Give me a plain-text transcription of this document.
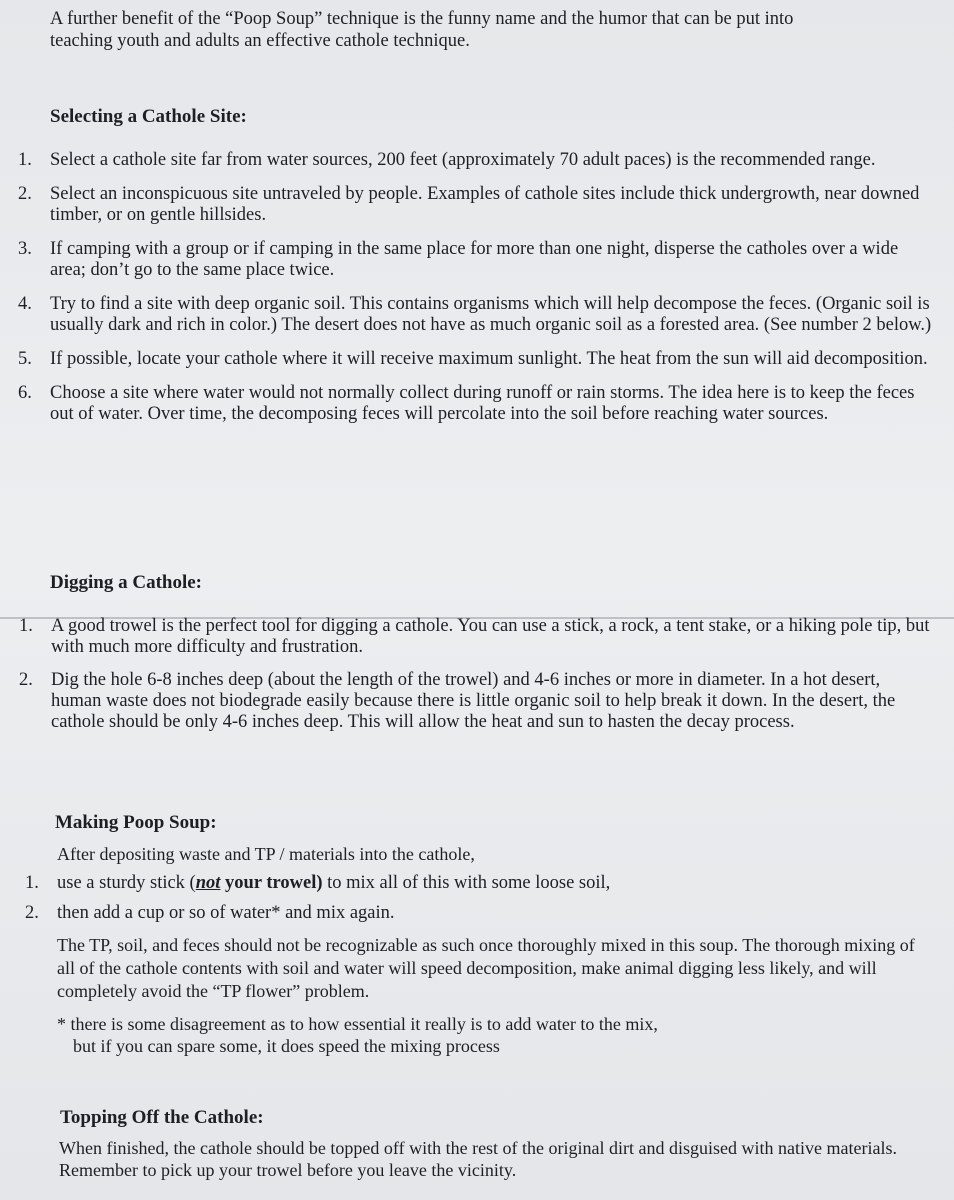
A further benefit of the “Poop Soup” technique is the funny name and the humor that can be put into
teaching youth and adults an effective cathole technique.
Selecting a Cathole Site:
1. Select a cathole site far from water sources, 200 feet (approximately 70 adult paces) is the recommended range.
2. Select an inconspicuous site untraveled by people. Examples of cathole sites include thick undergrowth, near downed timber, or on gentle hillsides.
3. If camping with a group or if camping in the same place for more than one night, disperse the catholes over a wide area; don’t go to the same place twice.
4. Try to find a site with deep organic soil. This contains organisms which will help decompose the feces. (Organic soil is usually dark and rich in color.) The desert does not have as much organic soil as a forested area. (See number 2 below.)
5. If possible, locate your cathole where it will receive maximum sunlight. The heat from the sun will aid decomposition.
6. Choose a site where water would not normally collect during runoff or rain storms. The idea here is to keep the feces out of water. Over time, the decomposing feces will percolate into the soil before reaching water sources.
Digging a Cathole:
1. A good trowel is the perfect tool for digging a cathole. You can use a stick, a rock, a tent stake, or a hiking pole tip, but with much more difficulty and frustration.
2. Dig the hole 6-8 inches deep (about the length of the trowel) and 4-6 inches or more in diameter. In a hot desert, human waste does not biodegrade easily because there is little organic soil to help break it down. In the desert, the cathole should be only 4-6 inches deep. This will allow the heat and sun to hasten the decay process.
Making Poop Soup:
After depositing waste and TP / materials into the cathole,
1. use a sturdy stick (not your trowel) to mix all of this with some loose soil,
2. then add a cup or so of water* and mix again.
The TP, soil, and feces should not be recognizable as such once thoroughly mixed in this soup. The thorough mixing of all of the cathole contents with soil and water will speed decomposition, make animal digging less likely, and will completely avoid the “TP flower” problem.
* there is some disagreement as to how essential it really is to add water to the mix,
but if you can spare some, it does speed the mixing process
Topping Off the Cathole:
When finished, the cathole should be topped off with the rest of the original dirt and disguised with native materials. Remember to pick up your trowel before you leave the vicinity.
